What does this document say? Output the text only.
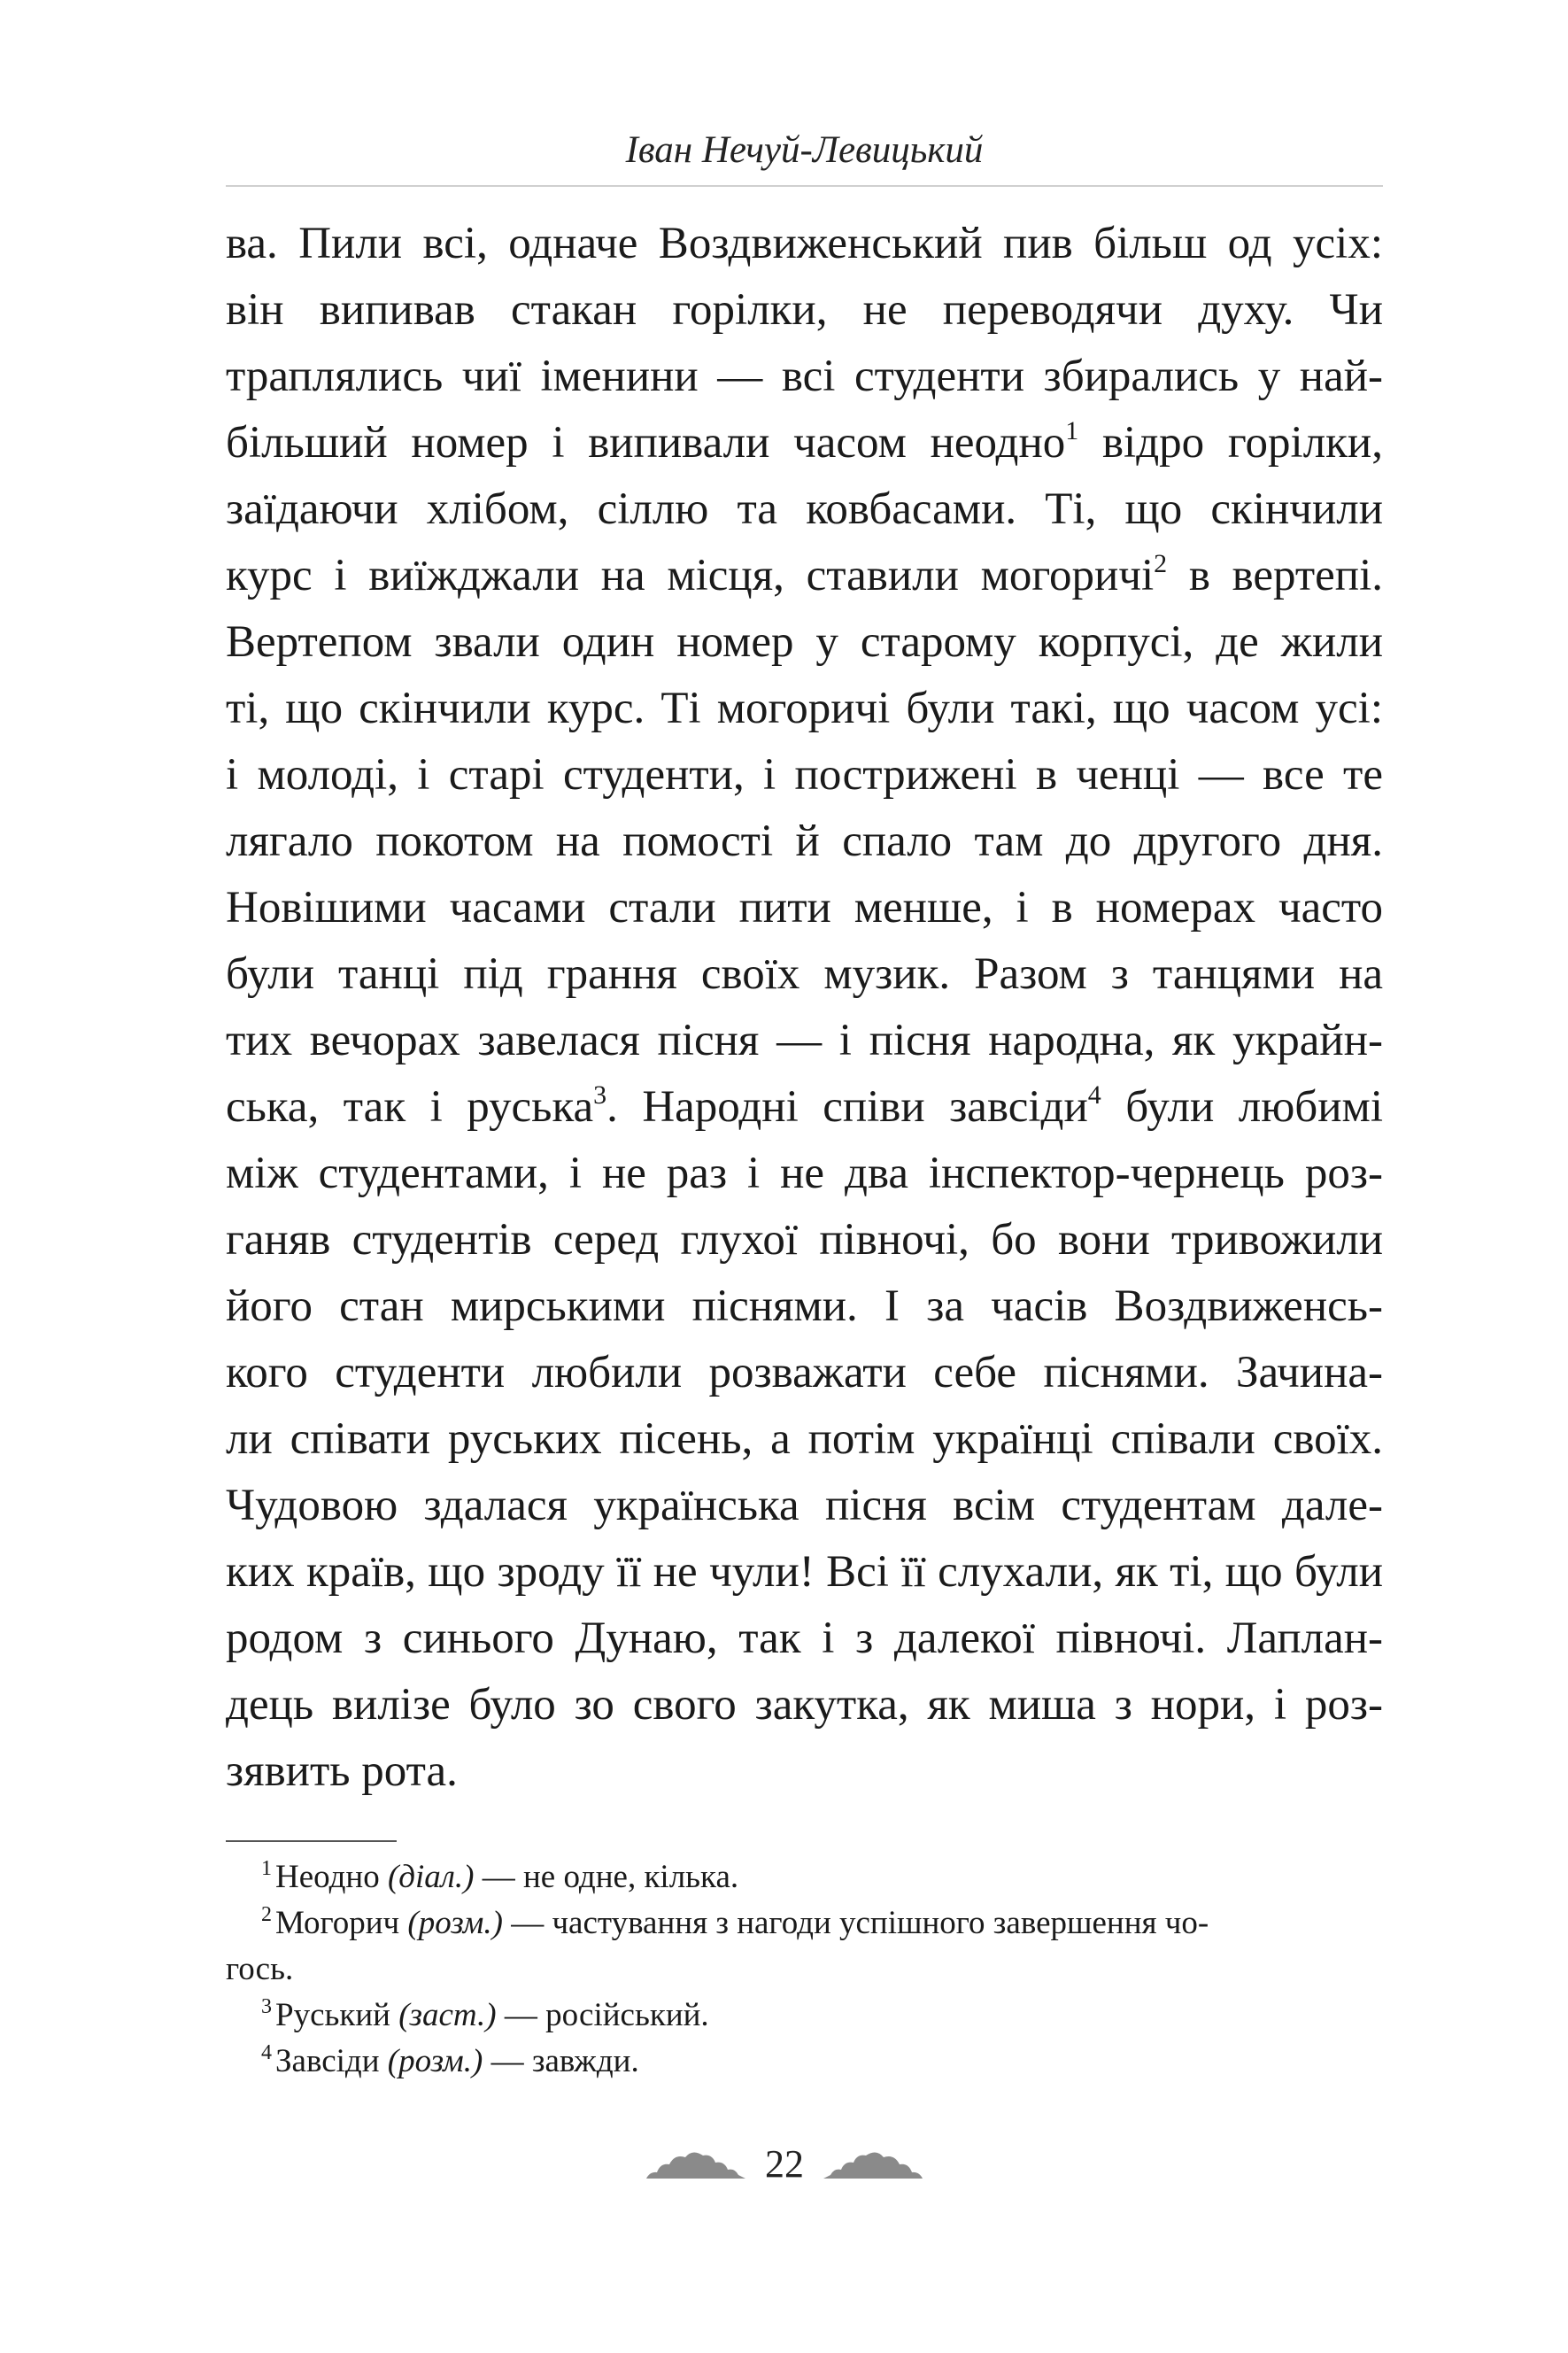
Іван Нечуй-Левицький
ва. Пили всі, одначе Воздвиженський пив більш од усіх:
він випивав стакан горілки, не переводячи духу. Чи
траплялись чиї іменини — всі студенти збирались у най-
більший номер і випивали часом неодно$^1$ відро горілки,
заїдаючи хлібом, сіллю та ковбасами. Ті, що скінчили
курс і виїжджали на місця, ставили могоричі$^2$ в вертепі.
Вертепом звали один номер у старому корпусі, де жили
ті, що скінчили курс. Ті могоричі були такі, що часом усі:
і молоді, і старі студенти, і пострижені в ченці — все те
лягало покотом на помості й спало там до другого дня.
Новішими часами стали пити менше, і в номерах часто
були танці під грання своїх музик. Разом з танцями на
тих вечорах завелася пісня — і пісня народна, як украйн-
ська, так і руська$^3$. Народні співи завсіди$^4$ були любимі
між студентами, і не раз і не два інспектор-чернець роз-
ганяв студентів серед глухої півночі, бо вони тривожили
його стан мирськими піснями. І за часів Воздвиженсь-
кого студенти любили розважати себе піснями. Зачина-
ли співати руських пісень, а потім українці співали своїх.
Чудовою здалася українська пісня всім студентам дале-
ких країв, що зроду її не чули! Всі її слухали, як ті, що були
родом з синього Дунаю, так і з далекої півночі. Лаплан-
дець вилізе було зо свого закутка, як миша з нори, і роз-
зявить рота.
$^1$ Неодно (діал.) — не одне, кілька.
$^2$ Могорич (розм.) — частування з нагоди успішного завершення чо-
гось.
$^3$ Руський (заст.) — російський.
$^4$ Завсіди (розм.) — завжди.
22
